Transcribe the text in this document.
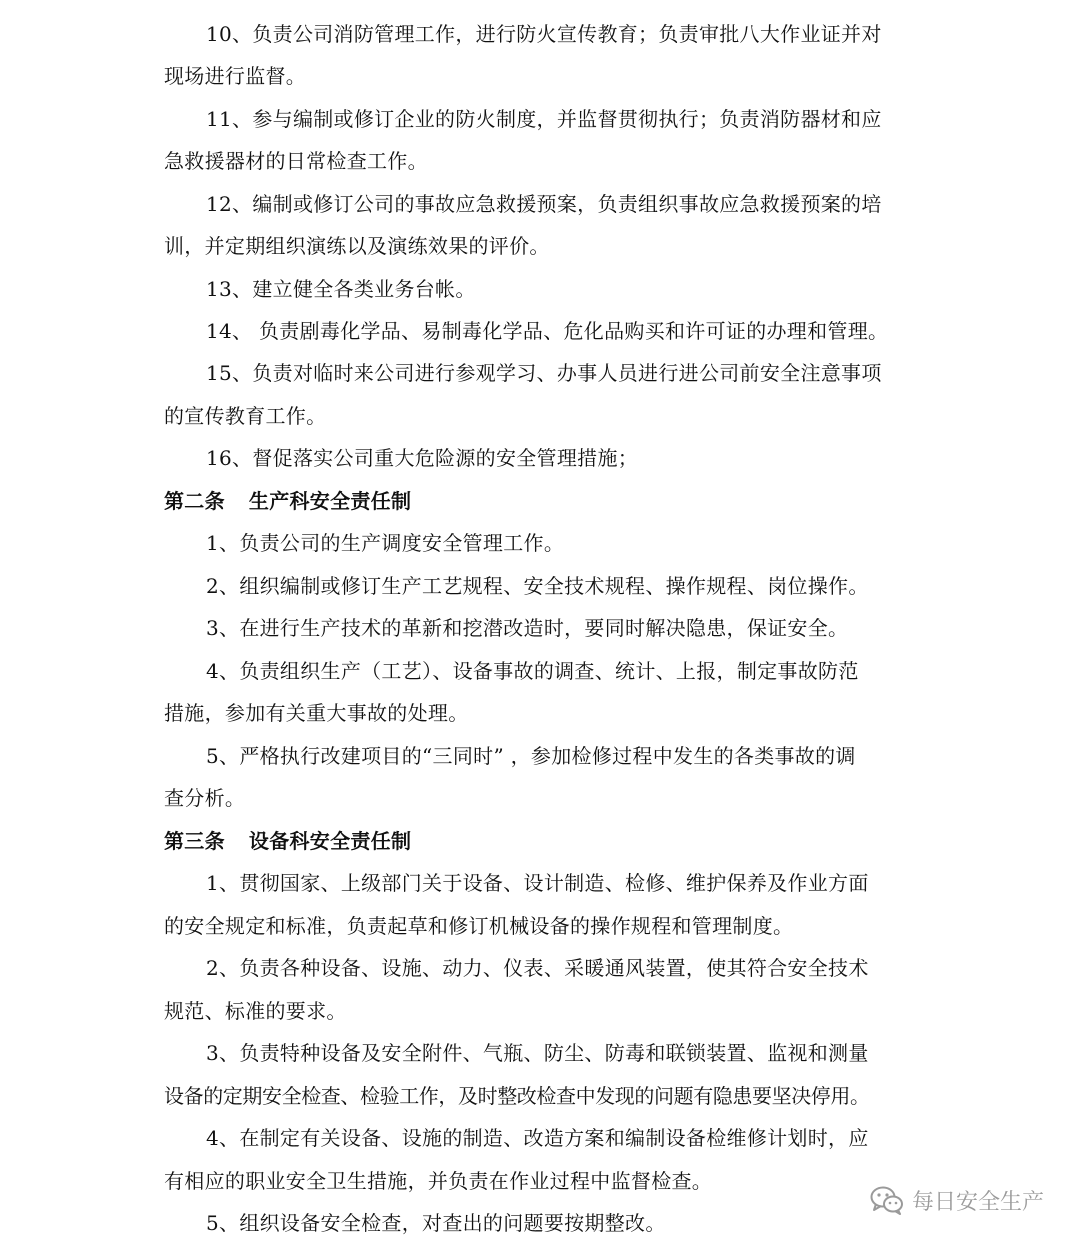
10、负责公司消防管理工作，进行防火宣传教育；负责审批八大作业证并对
现场进行监督。
11、参与编制或修订企业的防火制度，并监督贯彻执行；负责消防器材和应
急救援器材的日常检查工作。
12、编制或修订公司的事故应急救援预案，负责组织事故应急救援预案的培
训，并定期组织演练以及演练效果的评价。
13、建立健全各类业务台帐。
14、 负责剧毒化学品、易制毒化学品、危化品购买和许可证的办理和管理。
15、负责对临时来公司进行参观学习、办事人员进行进公司前安全注意事项
的宣传教育工作。
16、督促落实公司重大危险源的安全管理措施；
第二条 生产科安全责任制
1、负责公司的生产调度安全管理工作。
2、组织编制或修订生产工艺规程、安全技术规程、操作规程、岗位操作。
3、在进行生产技术的革新和挖潜改造时，要同时解决隐患，保证安全。
4、负责组织生产（工艺）、设备事故的调查、统计、上报，制定事故防范
措施，参加有关重大事故的处理。
5、严格执行改建项目的“三同时” ，参加检修过程中发生的各类事故的调
查分析。
第三条 设备科安全责任制
1、贯彻国家、上级部门关于设备、设计制造、检修、维护保养及作业方面
的安全规定和标准，负责起草和修订机械设备的操作规程和管理制度。
2、负责各种设备、设施、动力、仪表、采暖通风装置，使其符合安全技术
规范、标准的要求。
3、负责特种设备及安全附件、气瓶、防尘、防毒和联锁装置、监视和测量
设备的定期安全检查、检验工作，及时整改检查中发现的问题有隐患要坚决停用。
4、在制定有关设备、设施的制造、改造方案和编制设备检维修计划时，应
有相应的职业安全卫生措施，并负责在作业过程中监督检查。
5、组织设备安全检查，对查出的问题要按期整改。
每日安全生产
